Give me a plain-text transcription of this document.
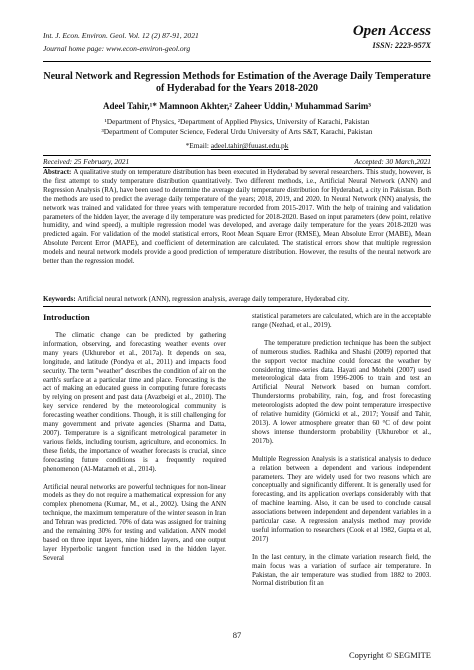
Int. J. Econ. Environ. Geol. Vol. 12 (2) 87-91, 2021
Journal home page: www.econ-environ-geol.org
Open Access
ISSN: 2223-957X
Neural Network and Regression Methods for Estimation of the Average Daily Temperature
of Hyderabad for the Years 2018-2020
Adeel Tahir,¹* Mamnoon Akhter,² Zaheer Uddin,¹ Muhammad Sarim³
¹Department of Physics, ²Department of Applied Physics, University of Karachi, Pakistan
³Department of Computer Science, Federal Urdu University of Arts S&T, Karachi, Pakistan
*Email: adeel.tahir@fuuast.edu.pk
Received: 25 February, 2021	Accepted: 30 March,2021
Abstract: A qualitative study on temperature distribution has been executed in Hyderabad by several researchers. This study, however, is the first attempt to study temperature distribution quantitatively. Two different methods, i.e., Artificial Neural Network (ANN) and Regression Analysis (RA), have been used to determine the average daily temperature distribution for Hyderabad, a city in Pakistan. Both the methods are used to predict the average daily temperature of the years; 2018, 2019, and 2020. In Neural Network (NN) analysis, the network was trained and validated for three years with temperature recorded from 2015-2017. With the help of training and validation parameters of the hidden layer, the average d ily temperature was predicted for 2018-2020. Based on input parameters (dew point, relative humidity, and wind speed), a multiple regression model was developed, and average daily temperature for the years 2018-2020 was predicted again. For validation of the model statistical errors, Root Mean Square Error (RMSE), Mean Absolute Error (MABE), Mean Absolute Percent Error (MAPE), and coefficient of determination are calculated. The statistical errors show that multiple regression models and neural network models provide a good prediction of temperature distribution. However, the results of the neural network are better than the regression model.
Keywords: Artificial neural network (ANN), regression analysis, average daily temperature, Hyderabad city.
Introduction

The climatic change can be predicted by gathering information, observing, and forecasting weather events over many years (Ukhurebor et al., 2017a). It depends on sea, longitude, and latitude (Pondya et al., 2011) and impacts food security. The term "weather" describes the condition of air on the earth's surface at a particular time and place. Forecasting is the act of making an educated guess in computing future forecasts by relying on present and past data (Avazbeigi et al., 2010). The key service rendered by the meteorological community is forecasting weather conditions. Though, it is still challenging for many government and private agencies (Sharma and Datta, 2007). Temperature is a significant metrological parameter in various fields, including tourism, agriculture, and economics. In these fields, the importance of weather forecasts is crucial, since forecasting future conditions is a frequently required phenomenon (Al-Matarneh et al., 2014).

Artificial neural networks are powerful techniques for non-linear models as they do not require a mathematical expression for any complex phenomena (Kumar, M., et al., 2002). Using the ANN technique, the maximum temperature of the winter season in Iran and Tehran was predicted. 70% of data was assigned for training and the remaining 30% for testing and validation. ANN model based on three input layers, nine hidden layers, and one output layer Hyperbolic tangent function used in the hidden layer. Several

statistical parameters are calculated, which are in the acceptable range (Nezhad, et al., 2019).

The temperature prediction technique has been the subject of numerous studies. Radhika and Shashi (2009) reported that the support vector machine could forecast the weather by considering time-series data. Hayati and Mohebi (2007) used meteorological data from 1996-2006 to train and test an Artificial Neural Network based on human comfort. Thunderstorms probability, rain, fog, and frost forecasting meteorologists adopted the dew point temperature irrespective of relative humidity (Górnicki et al., 2017; Yousif and Tahir, 2013). A lower atmosphere greater than 60 °C of dew point shows intense thunderstorm probability (Ukhurebor et al., 2017b).

Multiple Regression Analysis is a statistical analysis to deduce a relation between a dependent and various independent parameters. They are widely used for two reasons which are conceptually and significantly different. It is generally used for forecasting, and its application overlaps considerably with that of machine learning. Also, it can be used to conclude causal associations between independent and dependent variables in a particular case. A regression analysis method may provide useful information to researchers (Cook et al 1982, Gupta et al, 2017)

In the last century, in the climate variation research field, the main focus was a variation of surface air temperature. In Pakistan, the air temperature was studied from 1882 to 2003. Normal distribution fit an

87
Copyright © SEGMITE
